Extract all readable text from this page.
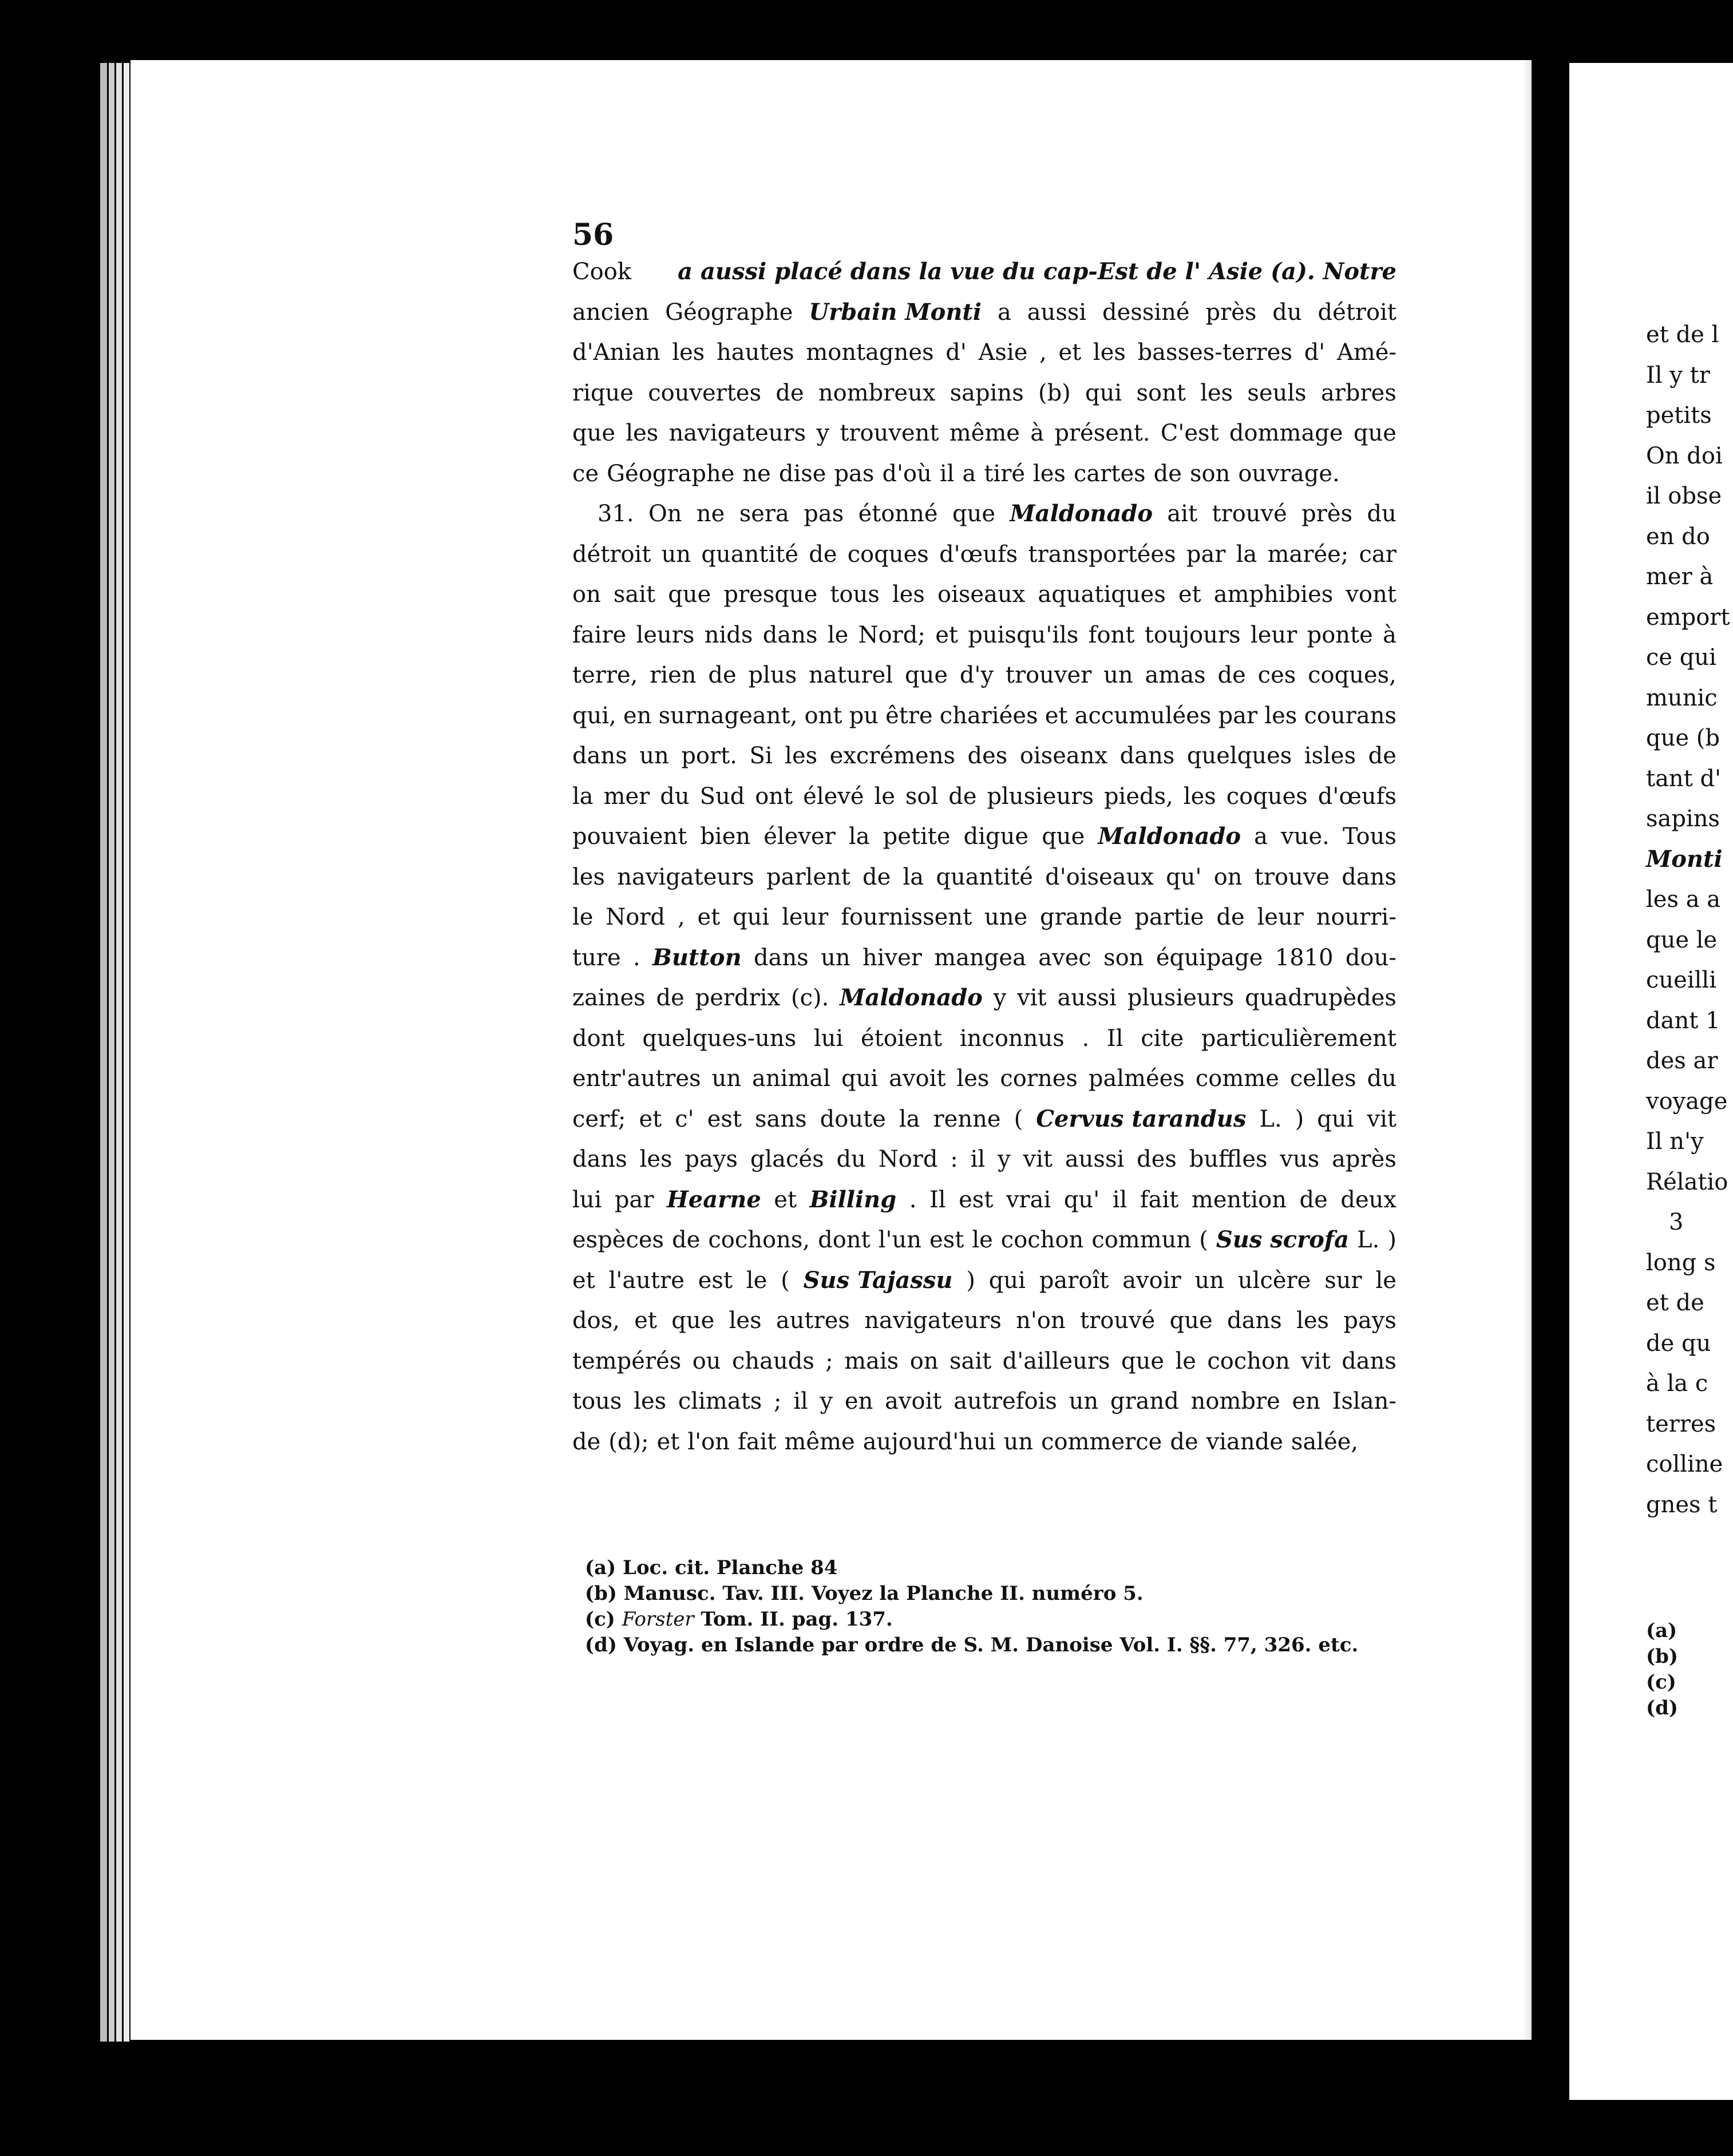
56
Cook a aussi placé dans la vue du cap-Est de l' Asie (a). Notre
ancien Géographe Urbain Monti a aussi dessiné près du détroit
d'Anian les hautes montagnes d' Asie , et les basses-terres d' Amé-
rique couvertes de nombreux sapins (b) qui sont les seuls arbres
que les navigateurs y trouvent même à présent. C'est dommage que
ce Géographe ne dise pas d'où il a tiré les cartes de son ouvrage.
31. On ne sera pas étonné que Maldonado ait trouvé près du
détroit un quantité de coques d'œufs transportées par la marée; car
on sait que presque tous les oiseaux aquatiques et amphibies vont
faire leurs nids dans le Nord; et puisqu'ils font toujours leur ponte à
terre, rien de plus naturel que d'y trouver un amas de ces coques,
qui, en surnageant, ont pu être chariées et accumulées par les courans
dans un port. Si les excrémens des oiseanx dans quelques isles de
la mer du Sud ont élevé le sol de plusieurs pieds, les coques d'œufs
pouvaient bien élever la petite digue que Maldonado a vue. Tous
les navigateurs parlent de la quantité d'oiseaux qu' on trouve dans
le Nord , et qui leur fournissent une grande partie de leur nourri-
ture . Button dans un hiver mangea avec son équipage 1810 dou-
zaines de perdrix (c). Maldonado y vit aussi plusieurs quadrupèdes
dont quelques-uns lui étoient inconnus . Il cite particulièrement
entr'autres un animal qui avoit les cornes palmées comme celles du
cerf; et c' est sans doute la renne ( Cervus tarandus L. ) qui vit
dans les pays glacés du Nord : il y vit aussi des buffles vus après
lui par Hearne et Billing . Il est vrai qu' il fait mention de deux
espèces de cochons, dont l'un est le cochon commun ( Sus scrofa L. )
et l'autre est le ( Sus Tajassu ) qui paroît avoir un ulcère sur le
dos, et que les autres navigateurs n'on trouvé que dans les pays
tempérés ou chauds ; mais on sait d'ailleurs que le cochon vit dans
tous les climats ; il y en avoit autrefois un grand nombre en Islan-
de (d); et l'on fait même aujourd'hui un commerce de viande salée,
(a) Loc. cit. Planche 84
(b) Manusc. Tav. III. Voyez la Planche II. numéro 5.
(c) Forster Tom. II. pag. 137.
(d) Voyag. en Islande par ordre de S. M. Danoise Vol. I. §§. 77, 326. etc.
et de l
Il y tr
petits
On doi
il obse
en do
mer à
emport
ce qui
munic
que (b
tant d'
sapins
Monti
les a a
que le
cueilli
dant 1
des ar
voyage
Il n'y
Rélatio
3
long s
et de
de qu
à la c
terres
colline
gnes t
(a)
(b)
(c)
(d)
